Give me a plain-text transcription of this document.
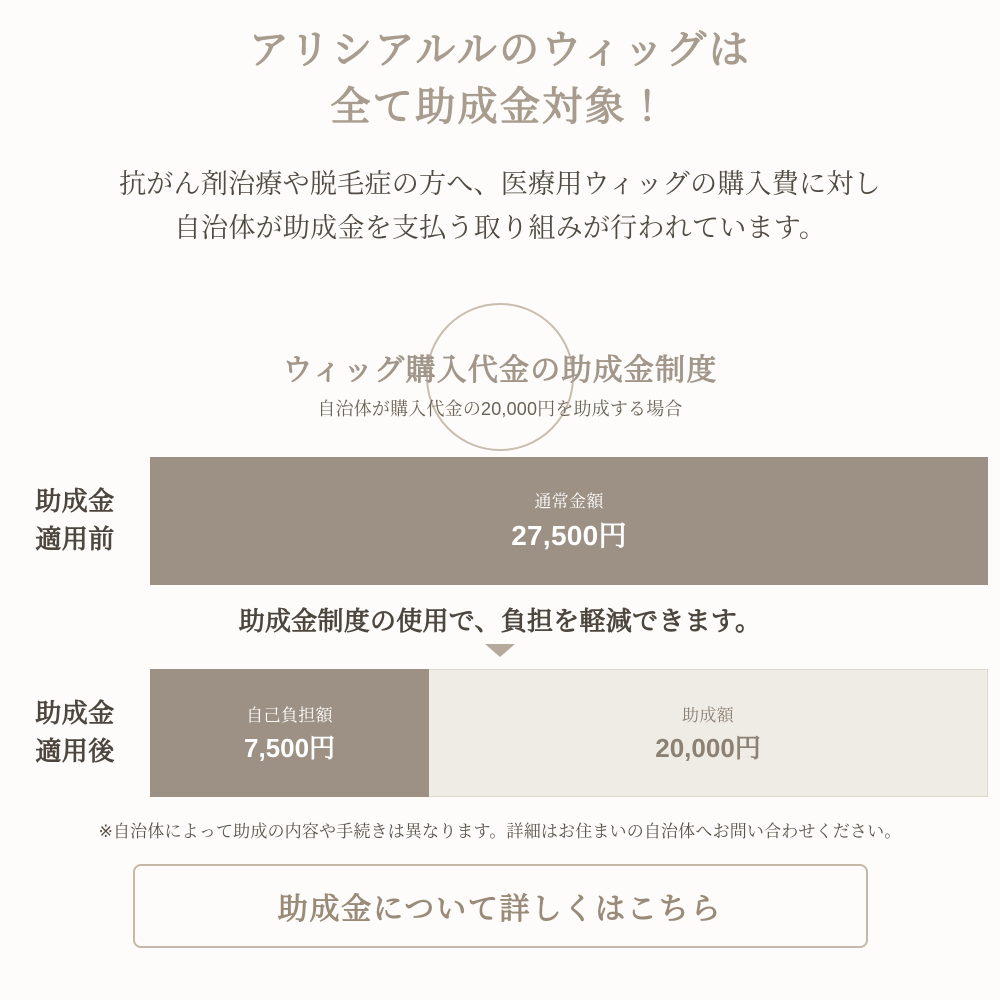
アリシアルルのウィッグは
全て助成金対象！

抗がん剤治療や脱毛症の方へ、医療用ウィッグの購入費に対し
自治体が助成金を支払う取り組みが行われています。

ウィッグ購入代金の助成金制度
自治体が購入代金の20,000円を助成する場合
助成金
適用前
通常金額
27,500円
助成金制度の使用で、負担を軽減できます。
助成金
適用後
自己負担額
7,500円
助成額
20,000円
※自治体によって助成の内容や手続きは異なります。詳細はお住まいの自治体へお問い合わせください。
助成金について詳しくはこちら
